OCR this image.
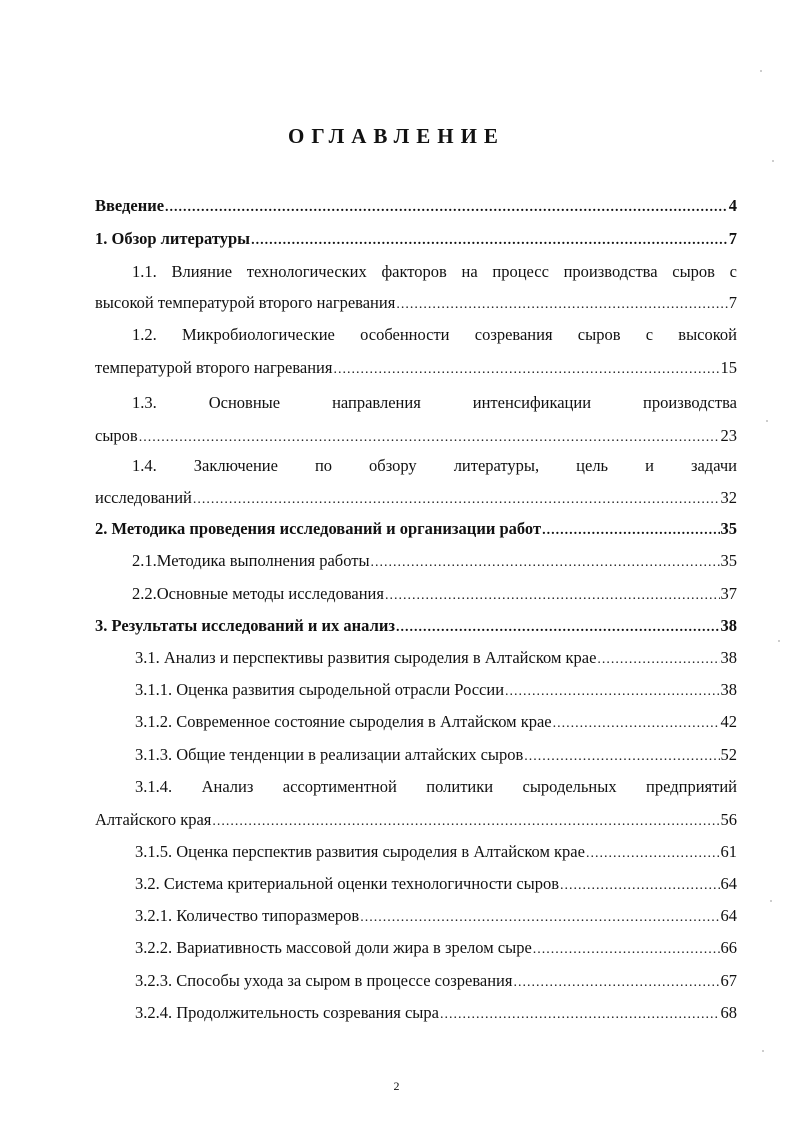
ОГЛАВЛЕНИЕ
Введение .....	4
1. Обзор литературы .....	7
1.1. Влияние технологических факторов на процесс производства сыров с
высокой температурой второго нагревания .....	7
1.2. Микробиологические особенности созревания сыров с высокой
температурой второго нагревания .....	15
1.3. Основные направления интенсификации производства
сыров .....	23
1.4. Заключение по обзору литературы, цель и задачи
исследований .....	32
2. Методика проведения исследований и организации работ .....	35
2.1.Методика выполнения работы .....	35
2.2.Основные методы исследования .....	37
3. Результаты исследований и их анализ .....	38
3.1. Анализ и перспективы развития сыроделия в Алтайском крае .....	38
3.1.1. Оценка развития сыродельной отрасли России .....	38
3.1.2. Современное состояние сыроделия в Алтайском крае .....	42
3.1.3. Общие тенденции в реализации алтайских сыров .....	52
3.1.4. Анализ ассортиментной политики сыродельных предприятий
Алтайского края .....	56
3.1.5. Оценка перспектив развития сыроделия в Алтайском крае .....	61
3.2. Система критериальной оценки технологичности сыров .....	64
3.2.1. Количество типоразмеров .....	64
3.2.2. Вариативность массовой доли жира в зрелом сыре .....	66
3.2.3. Способы ухода за сыром в процессе созревания .....	67
3.2.4. Продолжительность созревания сыра .....	68
2
